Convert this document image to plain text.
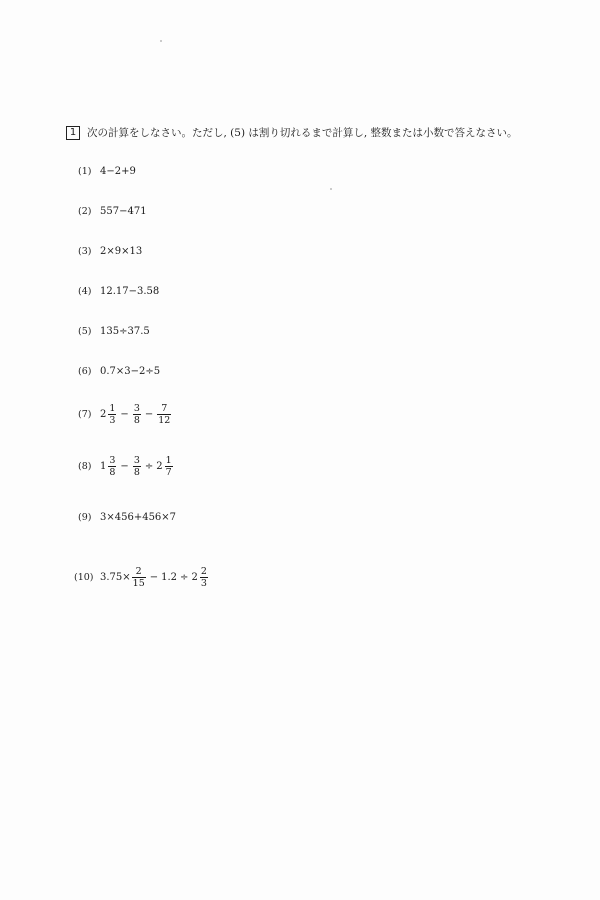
1	次の計算をしなさい。ただし, (5) は割り切れるまで計算し, 整数または小数で答えなさい。
(1) 4−2+9
(2) 557−471
(3) 2×9×13
(4) 12.17−3.58
(5) 135÷37.5
(6) 0.7×3−2÷5
(7) $2 \frac{1}{3} - \frac{3}{8} - \frac{7}{12}$
(8) $1 \frac{3}{8} - \frac{3}{8} \div 2 \frac{1}{7}$
(9) 3×456+456×7
(10) $3.75\times \frac{2}{15} - 1.2 \div 2 \frac{2}{3}$
